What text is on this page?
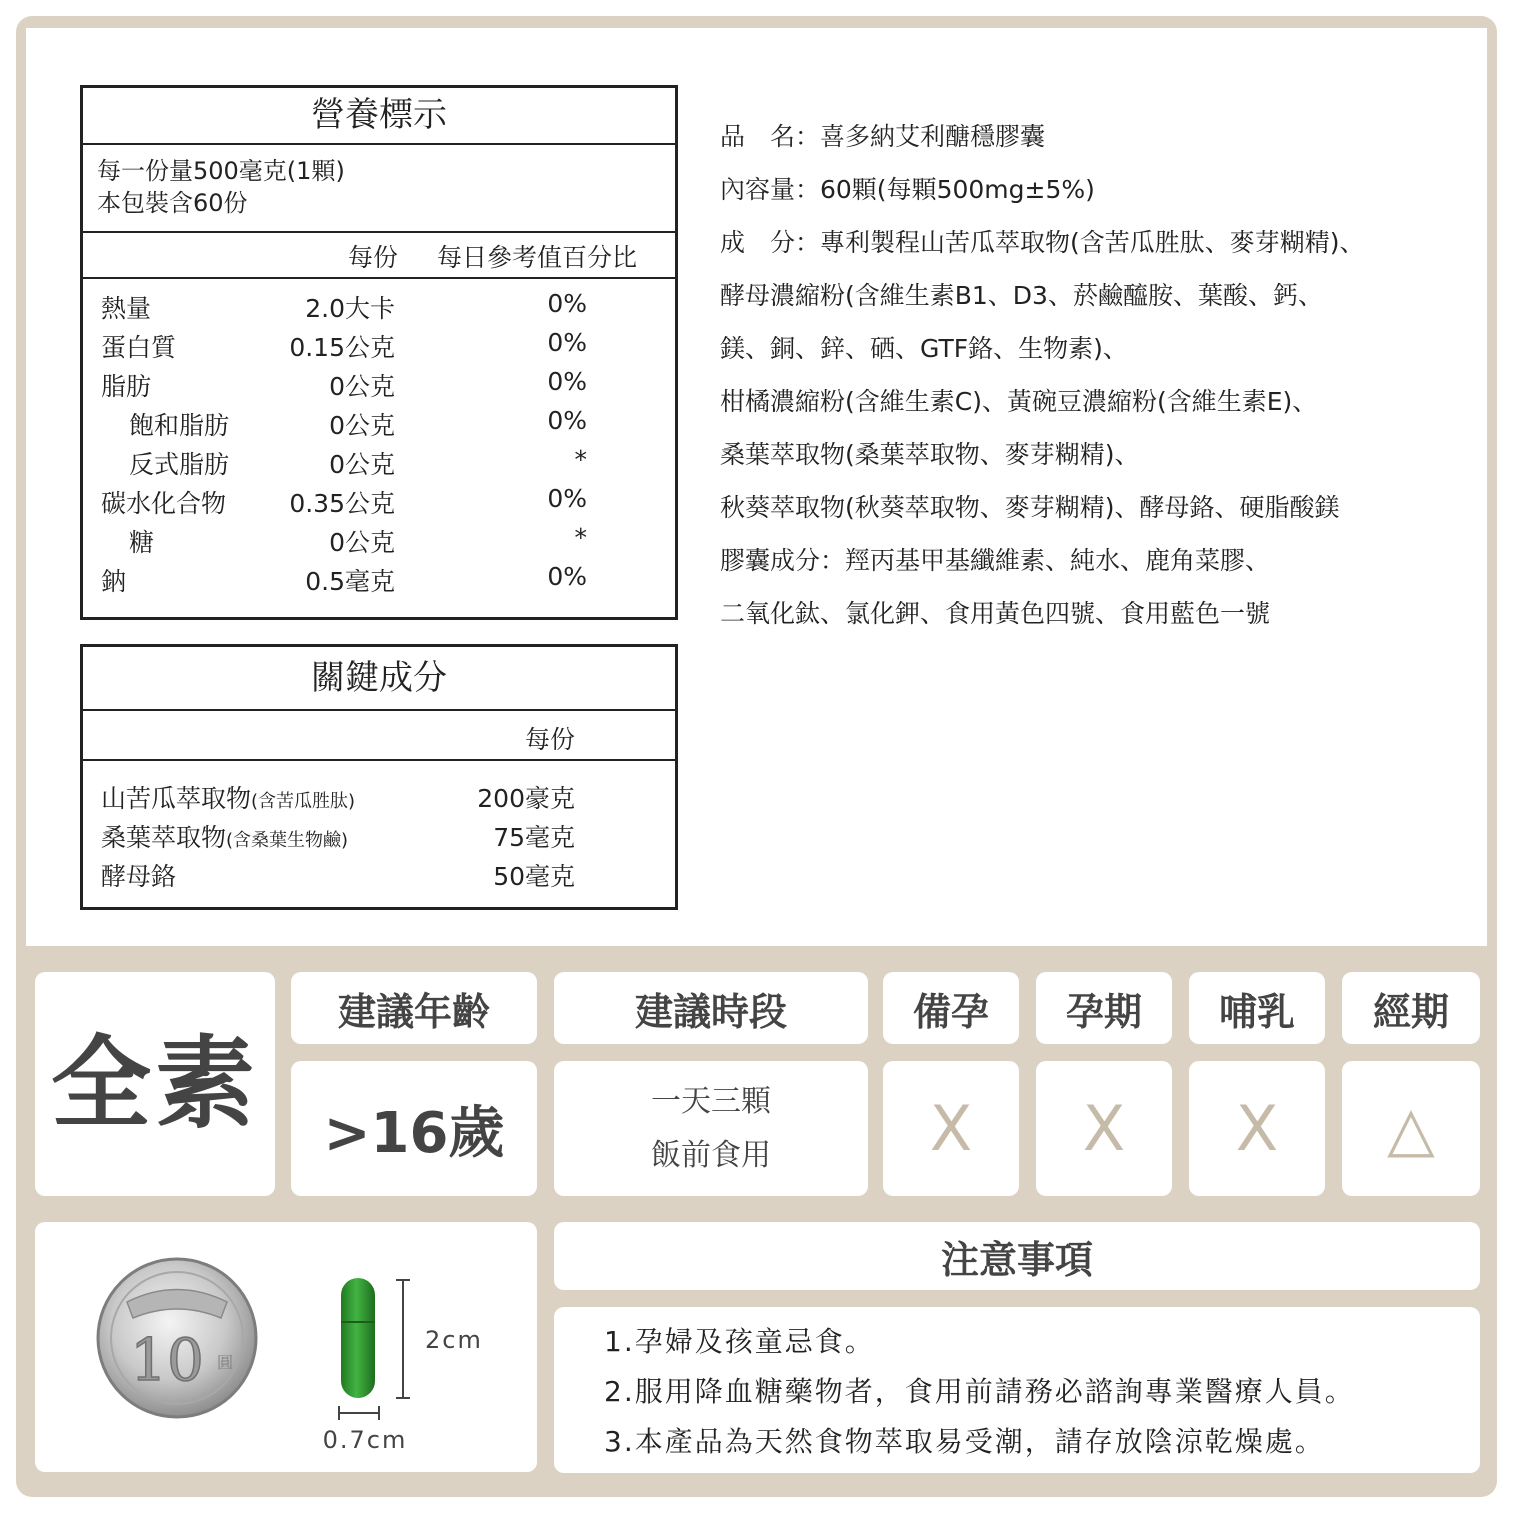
營養標示
每一份量500毫克(1顆)
本包裝含60份
每份 每日參考值百分比
熱量	2.0大卡	0%
蛋白質	0.15公克	0%
脂肪	0公克	0%
飽和脂肪	0公克	0%
反式脂肪	0公克	*
碳水化合物	0.35公克	0%
糖	0公克	*
鈉	0.5毫克	0%
關鍵成分
每份
山苦瓜萃取物(含苦瓜胜肽)	200豪克
桑葉萃取物(含桑葉生物鹼)	75毫克
酵母鉻	50毫克
品　名：喜多納艾利醣穩膠囊
內容量：60顆(每顆500mg±5%)
成　分：專利製程山苦瓜萃取物(含苦瓜胜肽、麥芽糊精)、
酵母濃縮粉(含維生素B1、D3、菸鹼醯胺、葉酸、鈣、
鎂、銅、鋅、硒、GTF鉻、生物素)、
柑橘濃縮粉(含維生素C)、黃碗豆濃縮粉(含維生素E)、
桑葉萃取物(桑葉萃取物、麥芽糊精)、
秋葵萃取物(秋葵萃取物、麥芽糊精)、酵母鉻、硬脂酸鎂
膠囊成分：羥丙基甲基纖維素、純水、鹿角菜膠、
二氧化鈦、氯化鉀、食用黃色四號、食用藍色一號
全素
建議年齡
>16歲
建議時段
一天三顆
飯前食用
備孕	孕期	哺乳	經期
X	X	X	△
10 圓
2cm
0.7cm
注意事項
1.孕婦及孩童忌食。
2.服用降血糖藥物者，食用前請務必諮詢專業醫療人員。
3.本產品為天然食物萃取易受潮，請存放陰涼乾燥處。
